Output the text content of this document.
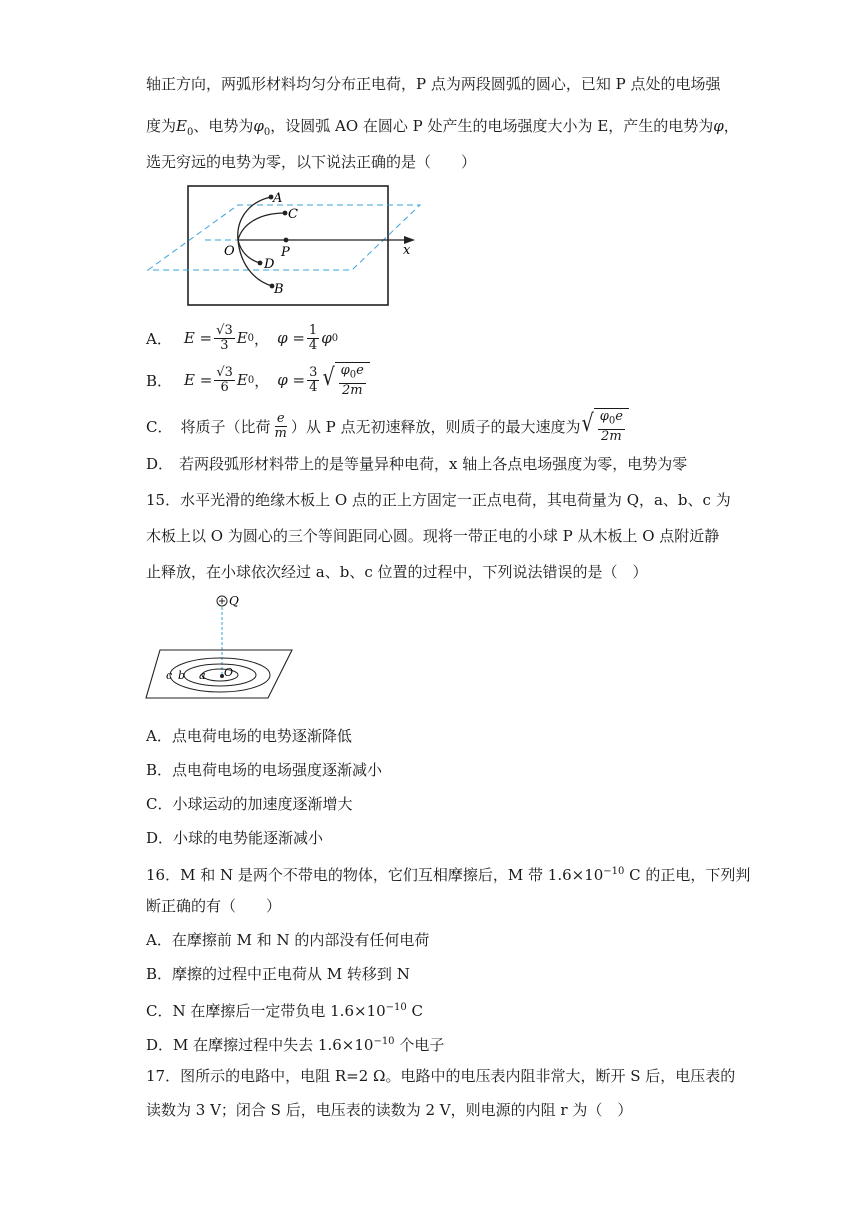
轴正方向，两弧形材料均匀分布正电荷，P 点为两段圆弧的圆心，已知 P 点处的电场强
度为$E_0$、电势为$\varphi_0$，设圆弧 AO 在圆心 P 处产生的电场强度大小为 E，产生的电势为φ，
选无穷远的电势为零，以下说法正确的是（　　）
A
C
O	P
D
B
x
A． $E = \frac{√3}{3}$ E 0 ， $\varphi = \frac{1}{4}$ φ 0
B． $E = \frac{√3}{6}$ E 0 ， $\varphi = \frac{3}{4}$ √ $\frac{\varphi_0e}{2m}$
C． 将质子（比荷 $\frac{e}{m}$ ）从 P 点无初速释放，则质子的最大速度为 √ $\frac{\varphi_0e}{2m}$
D． 若两段弧形材料带上的是等量异种电荷，x 轴上各点电场强度为零，电势为零
15．水平光滑的绝缘木板上 O 点的正上方固定一正点电荷，其电荷量为 Q，a、b、c 为
木板上以 O 为圆心的三个等间距同心圆。现将一带正电的小球 P 从木板上 O 点附近静
止释放，在小球依次经过 a、b、c 位置的过程中，下列说法错误的是（　）
Q
c b a O
A．点电荷电场的电势逐渐降低
B．点电荷电场的电场强度逐渐减小
C．小球运动的加速度逐渐增大
D．小球的电势能逐渐减小
16．M 和 N 是两个不带电的物体，它们互相摩擦后，M 带 $1.6\times 10^{-10}$ C 的正电，下列判
断正确的有（　　）
A．在摩擦前 M 和 N 的内部没有任何电荷
B．摩擦的过程中正电荷从 M 转移到 N
C．N 在摩擦后一定带负电 $1.6\times 10^{-10}$ C
D．M 在摩擦过程中失去 $1.6\times 10^{-10}$ 个电子
17．图所示的电路中，电阻 R=2 Ω。电路中的电压表内阻非常大，断开 S 后，电压表的
读数为 3 V；闭合 S 后，电压表的读数为 2 V，则电源的内阻 r 为（　）
